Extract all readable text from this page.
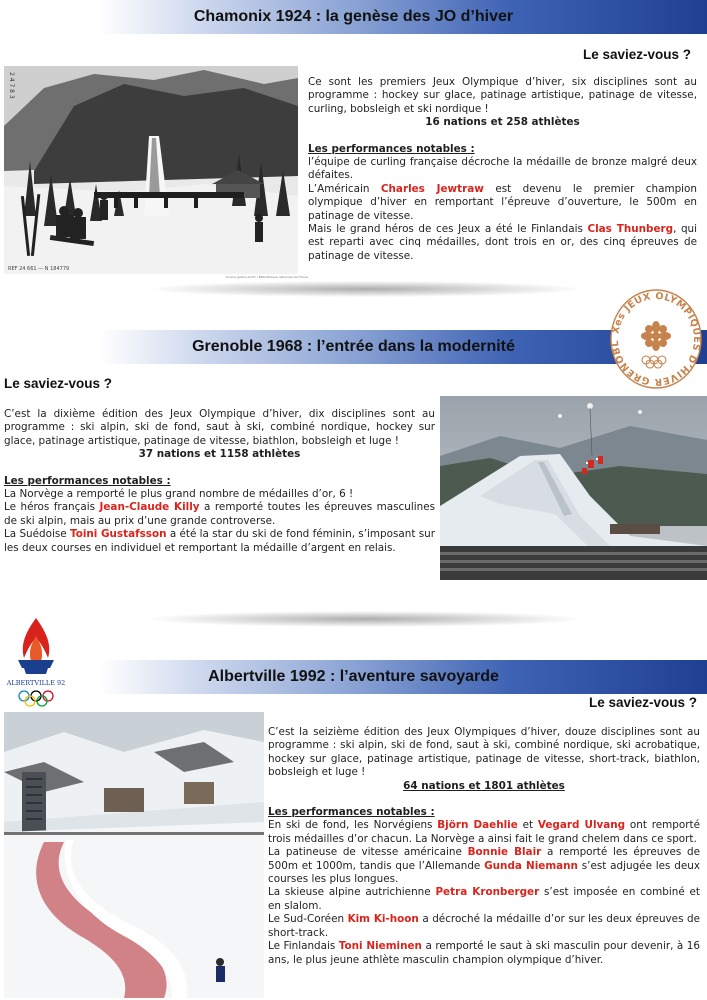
Chamonix 1924 : la genèse des JO d’hiver
Le saviez-vous ?
2 4 7 8 3
REF 24 661 — N 184779
Source gallica.bnf.fr / Bibliothèque nationale de France

Ce sont les premiers Jeux Olympique d’hiver, six disciplines sont au programme : hockey sur glace, patinage artistique, patinage de vitesse, curling, bobsleigh et ski nordique !

16 nations et 258 athlètes

Les performances notables :

l’équipe de curling française décroche la médaille de bronze malgré deux défaites.

L’Américain Charles Jewtraw est devenu le premier champion olympique d’hiver en remportant l’épreuve d’ouverture, le 500m en patinage de vitesse.

Mais le grand héros de ces Jeux a été le Finlandais Clas Thunberg, qui est reparti avec cinq médailles, dont trois en or, des cinq épreuves de patinage de vitesse.

Grenoble 1968 : l’entrée dans la modernité
Xes JEUX OLYMPIQUES D’HIVER GRENOBL
Le saviez-vous ?

C’est la dixième édition des Jeux Olympique d’hiver, dix disciplines sont au programme : ski alpin, ski de fond, saut à ski, combiné nordique, hockey sur glace, patinage artistique, patinage de vitesse, biathlon, bobsleigh et luge !

37 nations et 1158 athlètes

Les performances notables :

La Norvège a remporté le plus grand nombre de médailles d’or, 6 !

Le héros français Jean-Claude Killy a remporté toutes les épreuves masculines de ski alpin, mais au prix d’une grande controverse.

La Suédoise Toini Gustafsson a été la star du ski de fond féminin, s’imposant sur les deux courses en individuel et remportant la médaille d’argent en relais.

Albertville 1992 : l’aventure savoyarde
ALBERTVILLE 92
Le saviez-vous ?

C’est la seizième édition des Jeux Olympiques d’hiver, douze disciplines sont au programme : ski alpin, ski de fond, saut à ski, combiné nordique, ski acrobatique, hockey sur glace, patinage artistique, patinage de vitesse, short-track, biathlon, bobsleigh et luge !

64 nations et 1801 athlètes

Les performances notables :

En ski de fond, les Norvégiens Björn Daehlie et Vegard Ulvang ont remporté trois médailles d’or chacun. La Norvège a ainsi fait le grand chelem dans ce sport.

La patineuse de vitesse américaine Bonnie Blair a remporté les épreuves de 500m et 1000m, tandis que l’Allemande Gunda Niemann s’est adjugée les deux courses les plus longues.

La skieuse alpine autrichienne Petra Kronberger s’est imposée en combiné et en slalom.

Le Sud-Coréen Kim Ki-hoon a décroché la médaille d’or sur les deux épreuves de short-track.

Le Finlandais Toni Nieminen a remporté le saut à ski masculin pour devenir, à 16 ans, le plus jeune athlète masculin champion olympique d’hiver.
